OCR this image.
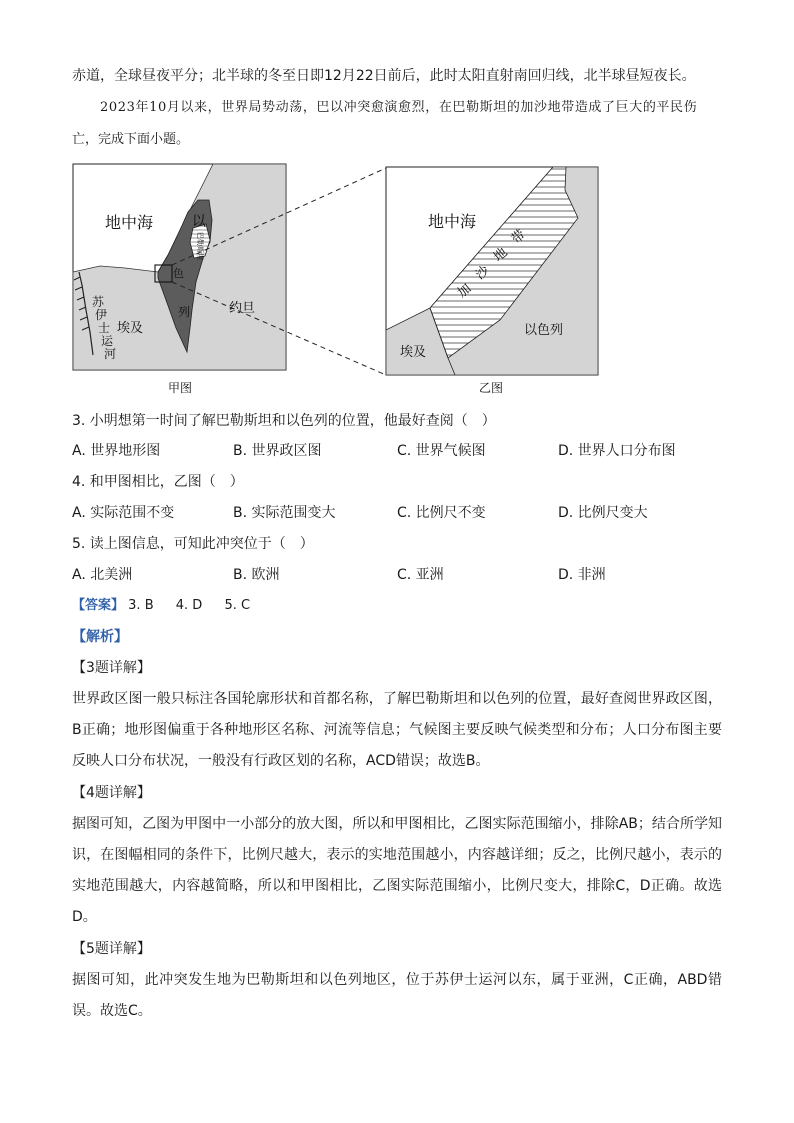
赤道，全球昼夜平分；北半球的冬至日即12月22日前后，此时太阳直射南回归线，北半球昼短夜长。
2023年10月以来，世界局势动荡，巴以冲突愈演愈烈，在巴勒斯坦的加沙地带造成了巨大的平民伤
亡，完成下面小题。
地中海	以
色
列	约旦
埃及
苏
伊
士
运
河
巴勒斯坦
甲图
地中海
以色列
埃及
加
沙
地
带
乙图
3. 小明想第一时间了解巴勒斯坦和以色列的位置，他最好查阅（　）
A. 世界地形图	B. 世界政区图	C. 世界气候图	D. 世界人口分布图
4. 和甲图相比，乙图（　）
A. 实际范围不变	B. 实际范围变大	C. 比例尺不变	D. 比例尺变大
5. 读上图信息，可知此冲突位于（　）
A. 北美洲	B. 欧洲	C. 亚洲	D. 非洲
【答案】 3. B 4. D 5. C
【解析】
【3题详解】
世界政区图一般只标注各国轮廓形状和首都名称，了解巴勒斯坦和以色列的位置，最好查阅世界政区图，B正确；地形图偏重于各种地形区名称、河流等信息；气候图主要反映气候类型和分布；人口分布图主要反映人口分布状况，一般没有行政区划的名称，ACD错误；故选B。
【4题详解】
据图可知，乙图为甲图中一小部分的放大图，所以和甲图相比，乙图实际范围缩小，排除AB；结合所学知识，在图幅相同的条件下，比例尺越大，表示的实地范围越小，内容越详细；反之，比例尺越小，表示的实地范围越大，内容越简略，所以和甲图相比，乙图实际范围缩小，比例尺变大，排除C，D正确。故选D。
【5题详解】
据图可知，此冲突发生地为巴勒斯坦和以色列地区，位于苏伊士运河以东，属于亚洲，C正确，ABD错误。故选C。
